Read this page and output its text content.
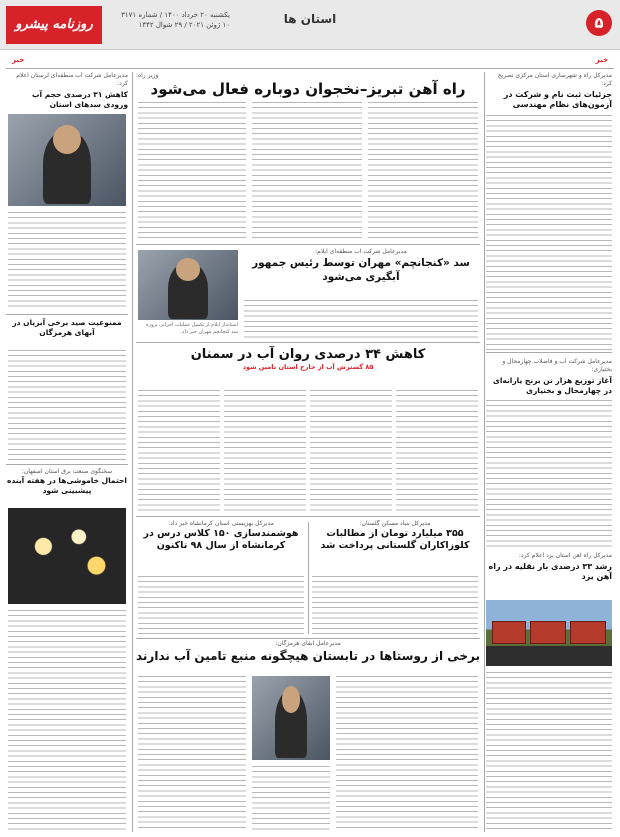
۵
استان ها
یکشنبه ۲۰ خرداد ۱۴۰۰ / شماره ۳۱۷۱
۱۰ ژوئن ۲۰۲۱ / ۲۹ شوال ۱۴۴۲
روزنامه پیشرو
خبر
خبر
مدیرکل راه و شهرسازی استان مرکزی تصریح کرد:
جزئیات ثبت نام و شرکت در آزمون‌های نظام مهندسی
مدیرعامل شرکت آب و فاضلاب چهارمحال و بختیاری:
آغاز توزیع هزار تن برنج یارانه‌ای در چهارمحال و بختیاری
مدیرکل راه آهن استان یزد اعلام کرد:
رشد ۳۳ درصدی بار نقلیه در راه آهن یزد
وزیر راه:
راه آهن تبریز–نخجوان دوباره فعال می‌شود
مدیرعامل شرکت آب منطقه‌ای ایلام:
سد «کنجانچم» مهران توسط رئیس جمهور آبگیری می‌شود
استاندار ایلام از تکمیل عملیات اجرایی پروژه سد کنجانچم مهران خبر داد.
کاهش ۳۴ درصدی روان آب در سمنان
۸۵ گسترش آب از خارج استان تامین شود
مدیرکل بنیاد مسکن گلستان:
۳۵۵ میلیارد تومان از مطالبات کلوزاکاران گلستانی پرداخت شد
مدیرکل بهزیستی استان کرمانشاه خبر داد:
هوشمندسازی ۱۵۰ کلاس درس در کرمانشاه از سال ۹۸ تاکنون
مدیرعامل آبفای هرمزگان:
برخی از روستاها در تابستان هیچگونه منبع تامین آب ندارند
مدیرعامل شرکت آب منطقه‌ای لرستان اعلام کرد:
کاهش ۳۱ درصدی حجم آب ورودی سدهای استان
ممنوعیت صید برخی آبزیان در آبهای هرمزگان
سخنگوی صنعت برق استان اصفهان:
احتمال خاموشی‌ها در هفته آینده پیشبینی شود
